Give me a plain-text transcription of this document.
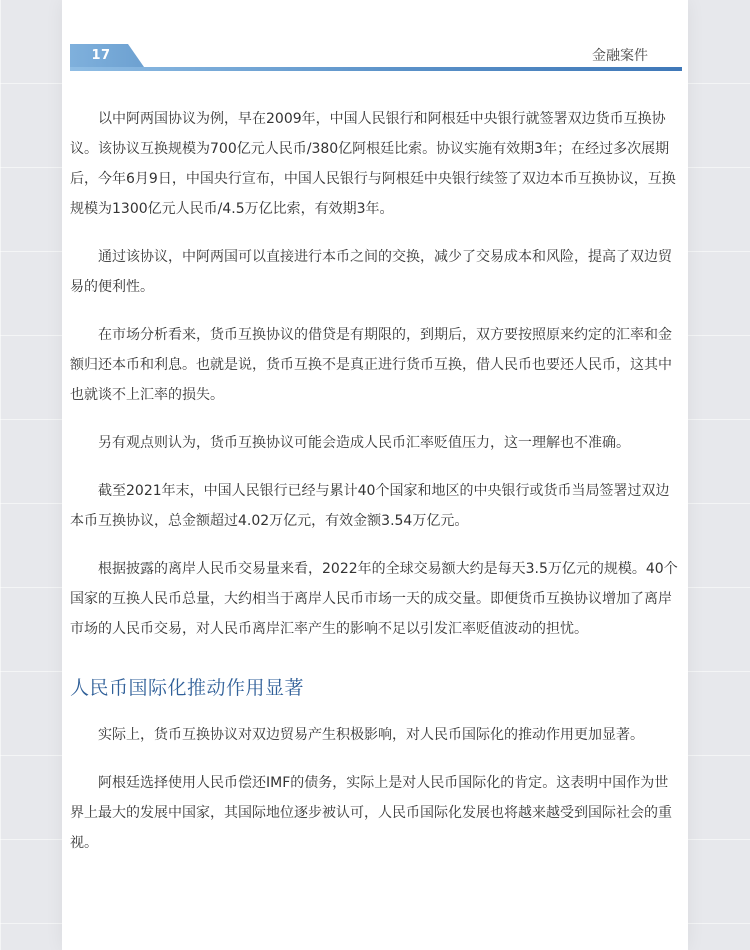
17	金融案件

以中阿两国协议为例，早在2009年，中国人民银行和阿根廷中央银行就签署双边货币互换协议。该协议互换规模为700亿元人民币/380亿阿根廷比索。协议实施有效期3年；在经过多次展期后，今年6月9日，中国央行宣布，中国人民银行与阿根廷中央银行续签了双边本币互换协议，互换规模为1300亿元人民币/4.5万亿比索，有效期3年。

通过该协议，中阿两国可以直接进行本币之间的交换，减少了交易成本和风险，提高了双边贸易的便利性。

在市场分析看来，货币互换协议的借贷是有期限的，到期后，双方要按照原来约定的汇率和金额归还本币和利息。也就是说，货币互换不是真正进行货币互换，借人民币也要还人民币，这其中也就谈不上汇率的损失。

另有观点则认为，货币互换协议可能会造成人民币汇率贬值压力，这一理解也不准确。

截至2021年末，中国人民银行已经与累计40个国家和地区的中央银行或货币当局签署过双边本币互换协议，总金额超过4.02万亿元，有效金额3.54万亿元。

根据披露的离岸人民币交易量来看，2022年的全球交易额大约是每天3.5万亿元的规模。40个国家的互换人民币总量，大约相当于离岸人民币市场一天的成交量。即便货币互换协议增加了离岸市场的人民币交易，对人民币离岸汇率产生的影响不足以引发汇率贬值波动的担忧。

人民币国际化推动作用显著

实际上，货币互换协议对双边贸易产生积极影响，对人民币国际化的推动作用更加显著。

阿根廷选择使用人民币偿还IMF的债务，实际上是对人民币国际化的肯定。这表明中国作为世界上最大的发展中国家，其国际地位逐步被认可，人民币国际化发展也将越来越受到国际社会的重视。
